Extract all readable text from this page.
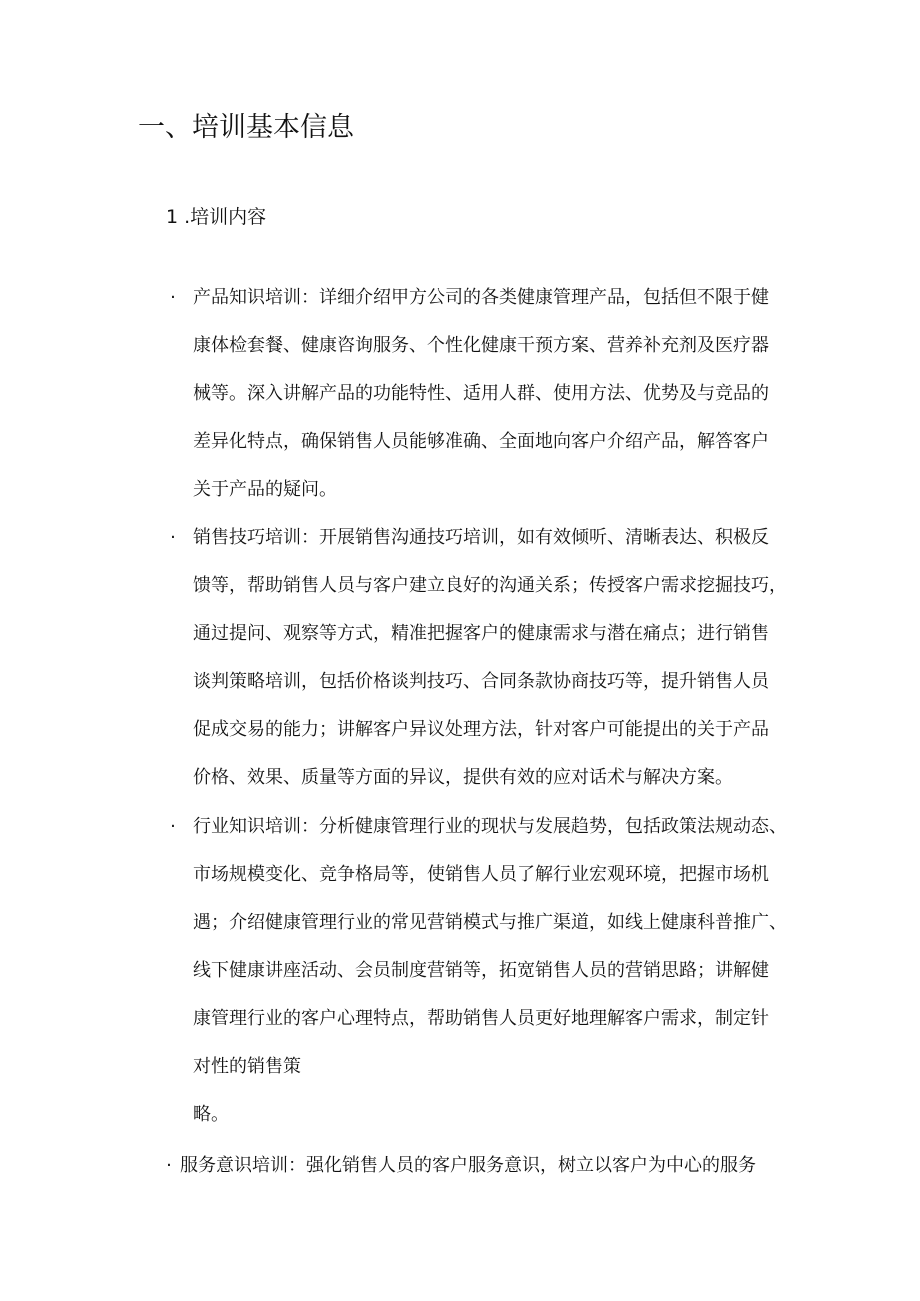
一、培训基本信息
1 .培训内容
· 产品知识培训：详细介绍甲方公司的各类健康管理产品，包括但不限于健
康体检套餐、健康咨询服务、个性化健康干预方案、营养补充剂及医疗器
械等。深入讲解产品的功能特性、适用人群、使用方法、优势及与竞品的
差异化特点，确保销售人员能够准确、全面地向客户介绍产品，解答客户
关于产品的疑问。
· 销售技巧培训：开展销售沟通技巧培训，如有效倾听、清晰表达、积极反
馈等，帮助销售人员与客户建立良好的沟通关系；传授客户需求挖掘技巧，
通过提问、观察等方式，精准把握客户的健康需求与潜在痛点；进行销售
谈判策略培训，包括价格谈判技巧、合同条款协商技巧等，提升销售人员
促成交易的能力；讲解客户异议处理方法，针对客户可能提出的关于产品
价格、效果、质量等方面的异议，提供有效的应对话术与解决方案。
· 行业知识培训：分析健康管理行业的现状与发展趋势，包括政策法规动态、
市场规模变化、竞争格局等，使销售人员了解行业宏观环境，把握市场机
遇；介绍健康管理行业的常见营销模式与推广渠道，如线上健康科普推广、
线下健康讲座活动、会员制度营销等，拓宽销售人员的营销思路；讲解健
康管理行业的客户心理特点，帮助销售人员更好地理解客户需求，制定针
对性的销售策
略。
· 服务意识培训：强化销售人员的客户服务意识，树立以客户为中心的服务
